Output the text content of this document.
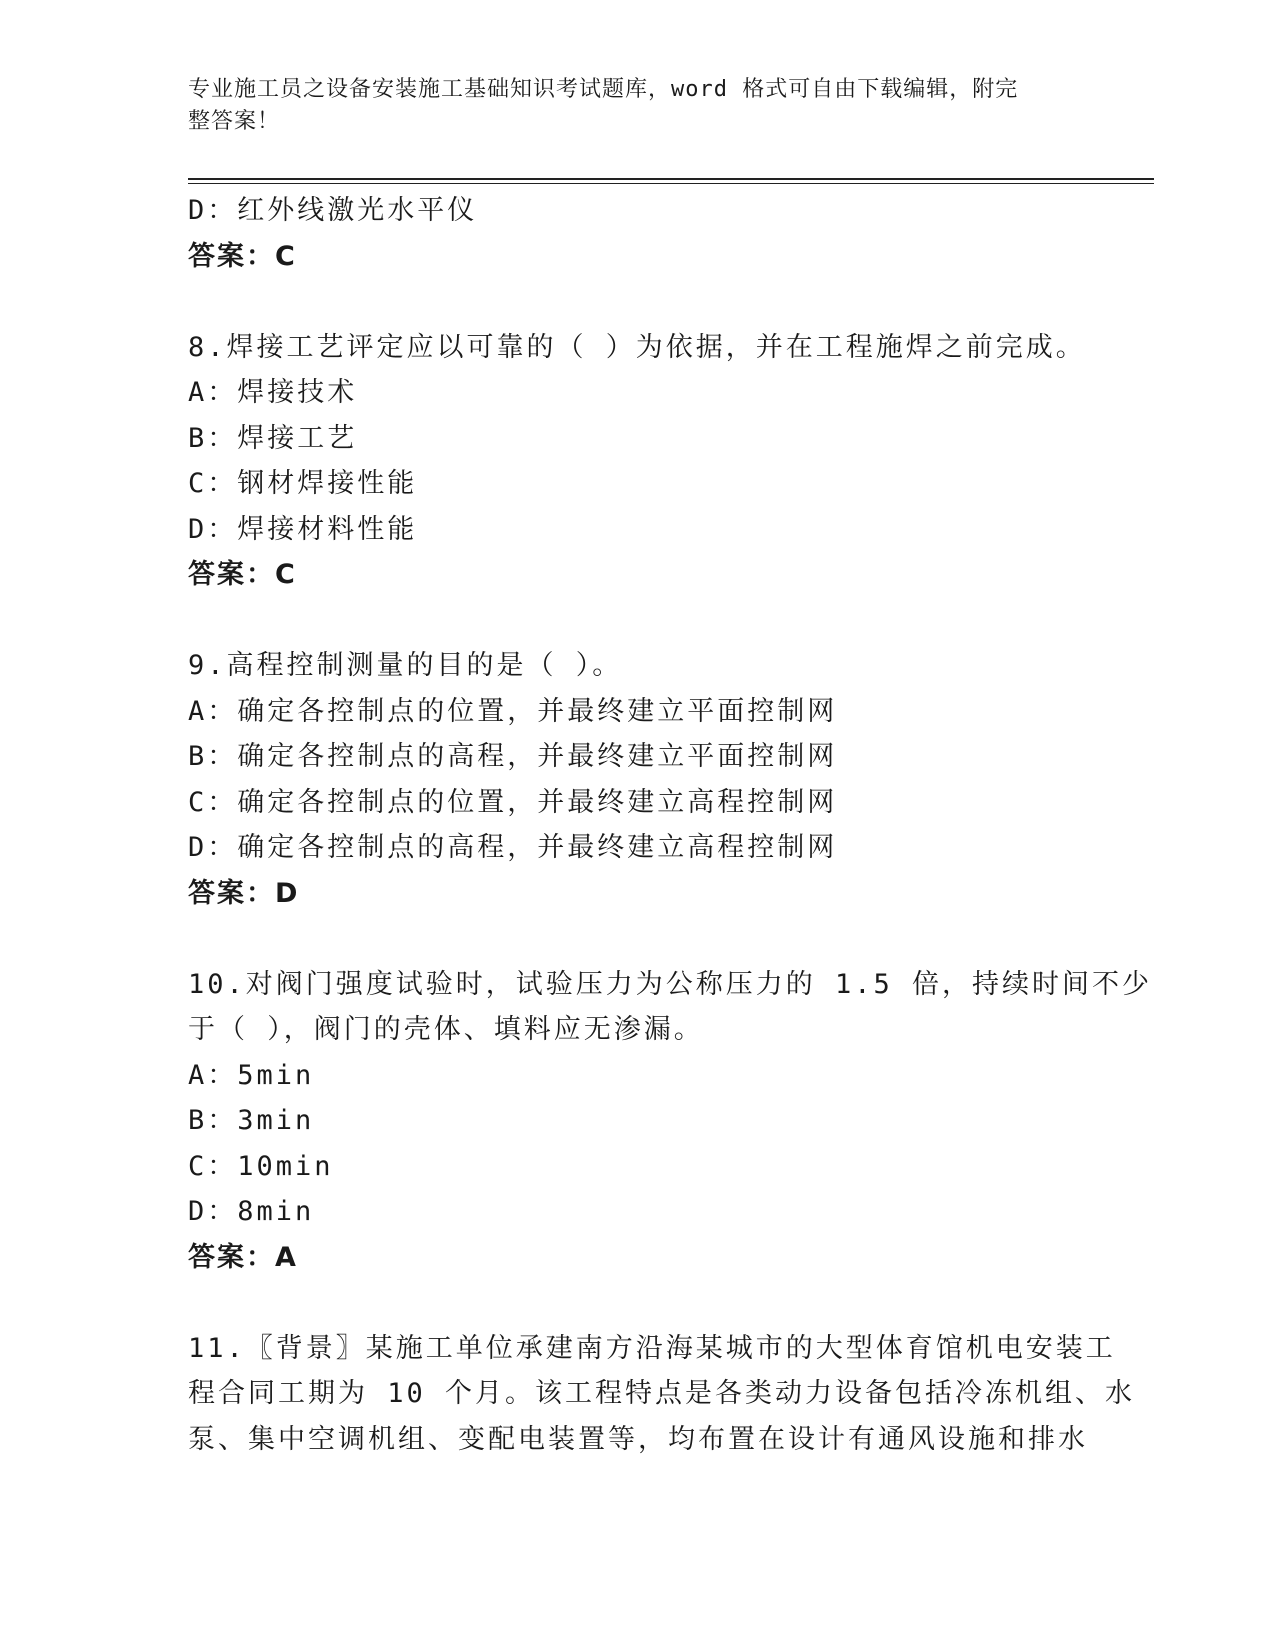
专业施工员之设备安装施工基础知识考试题库，word 格式可自由下载编辑，附完
整答案！
D：红外线激光水平仪
答案：C
8.焊接工艺评定应以可靠的（ ）为依据，并在工程施焊之前完成。
A：焊接技术
B：焊接工艺
C：钢材焊接性能
D：焊接材料性能
答案：C
9.高程控制测量的目的是（ ）。
A：确定各控制点的位置，并最终建立平面控制网
B：确定各控制点的高程，并最终建立平面控制网
C：确定各控制点的位置，并最终建立高程控制网
D：确定各控制点的高程，并最终建立高程控制网
答案：D
10.对阀门强度试验时，试验压力为公称压力的 1.5 倍，持续时间不少
于（ ），阀门的壳体、填料应无渗漏。
A：5min
B：3min
C：10min
D：8min
答案：A
11.〖背景〗某施工单位承建南方沿海某城市的大型体育馆机电安装工
程合同工期为 10 个月。该工程特点是各类动力设备包括冷冻机组、水
泵、集中空调机组、变配电装置等，均布置在设计有通风设施和排水
